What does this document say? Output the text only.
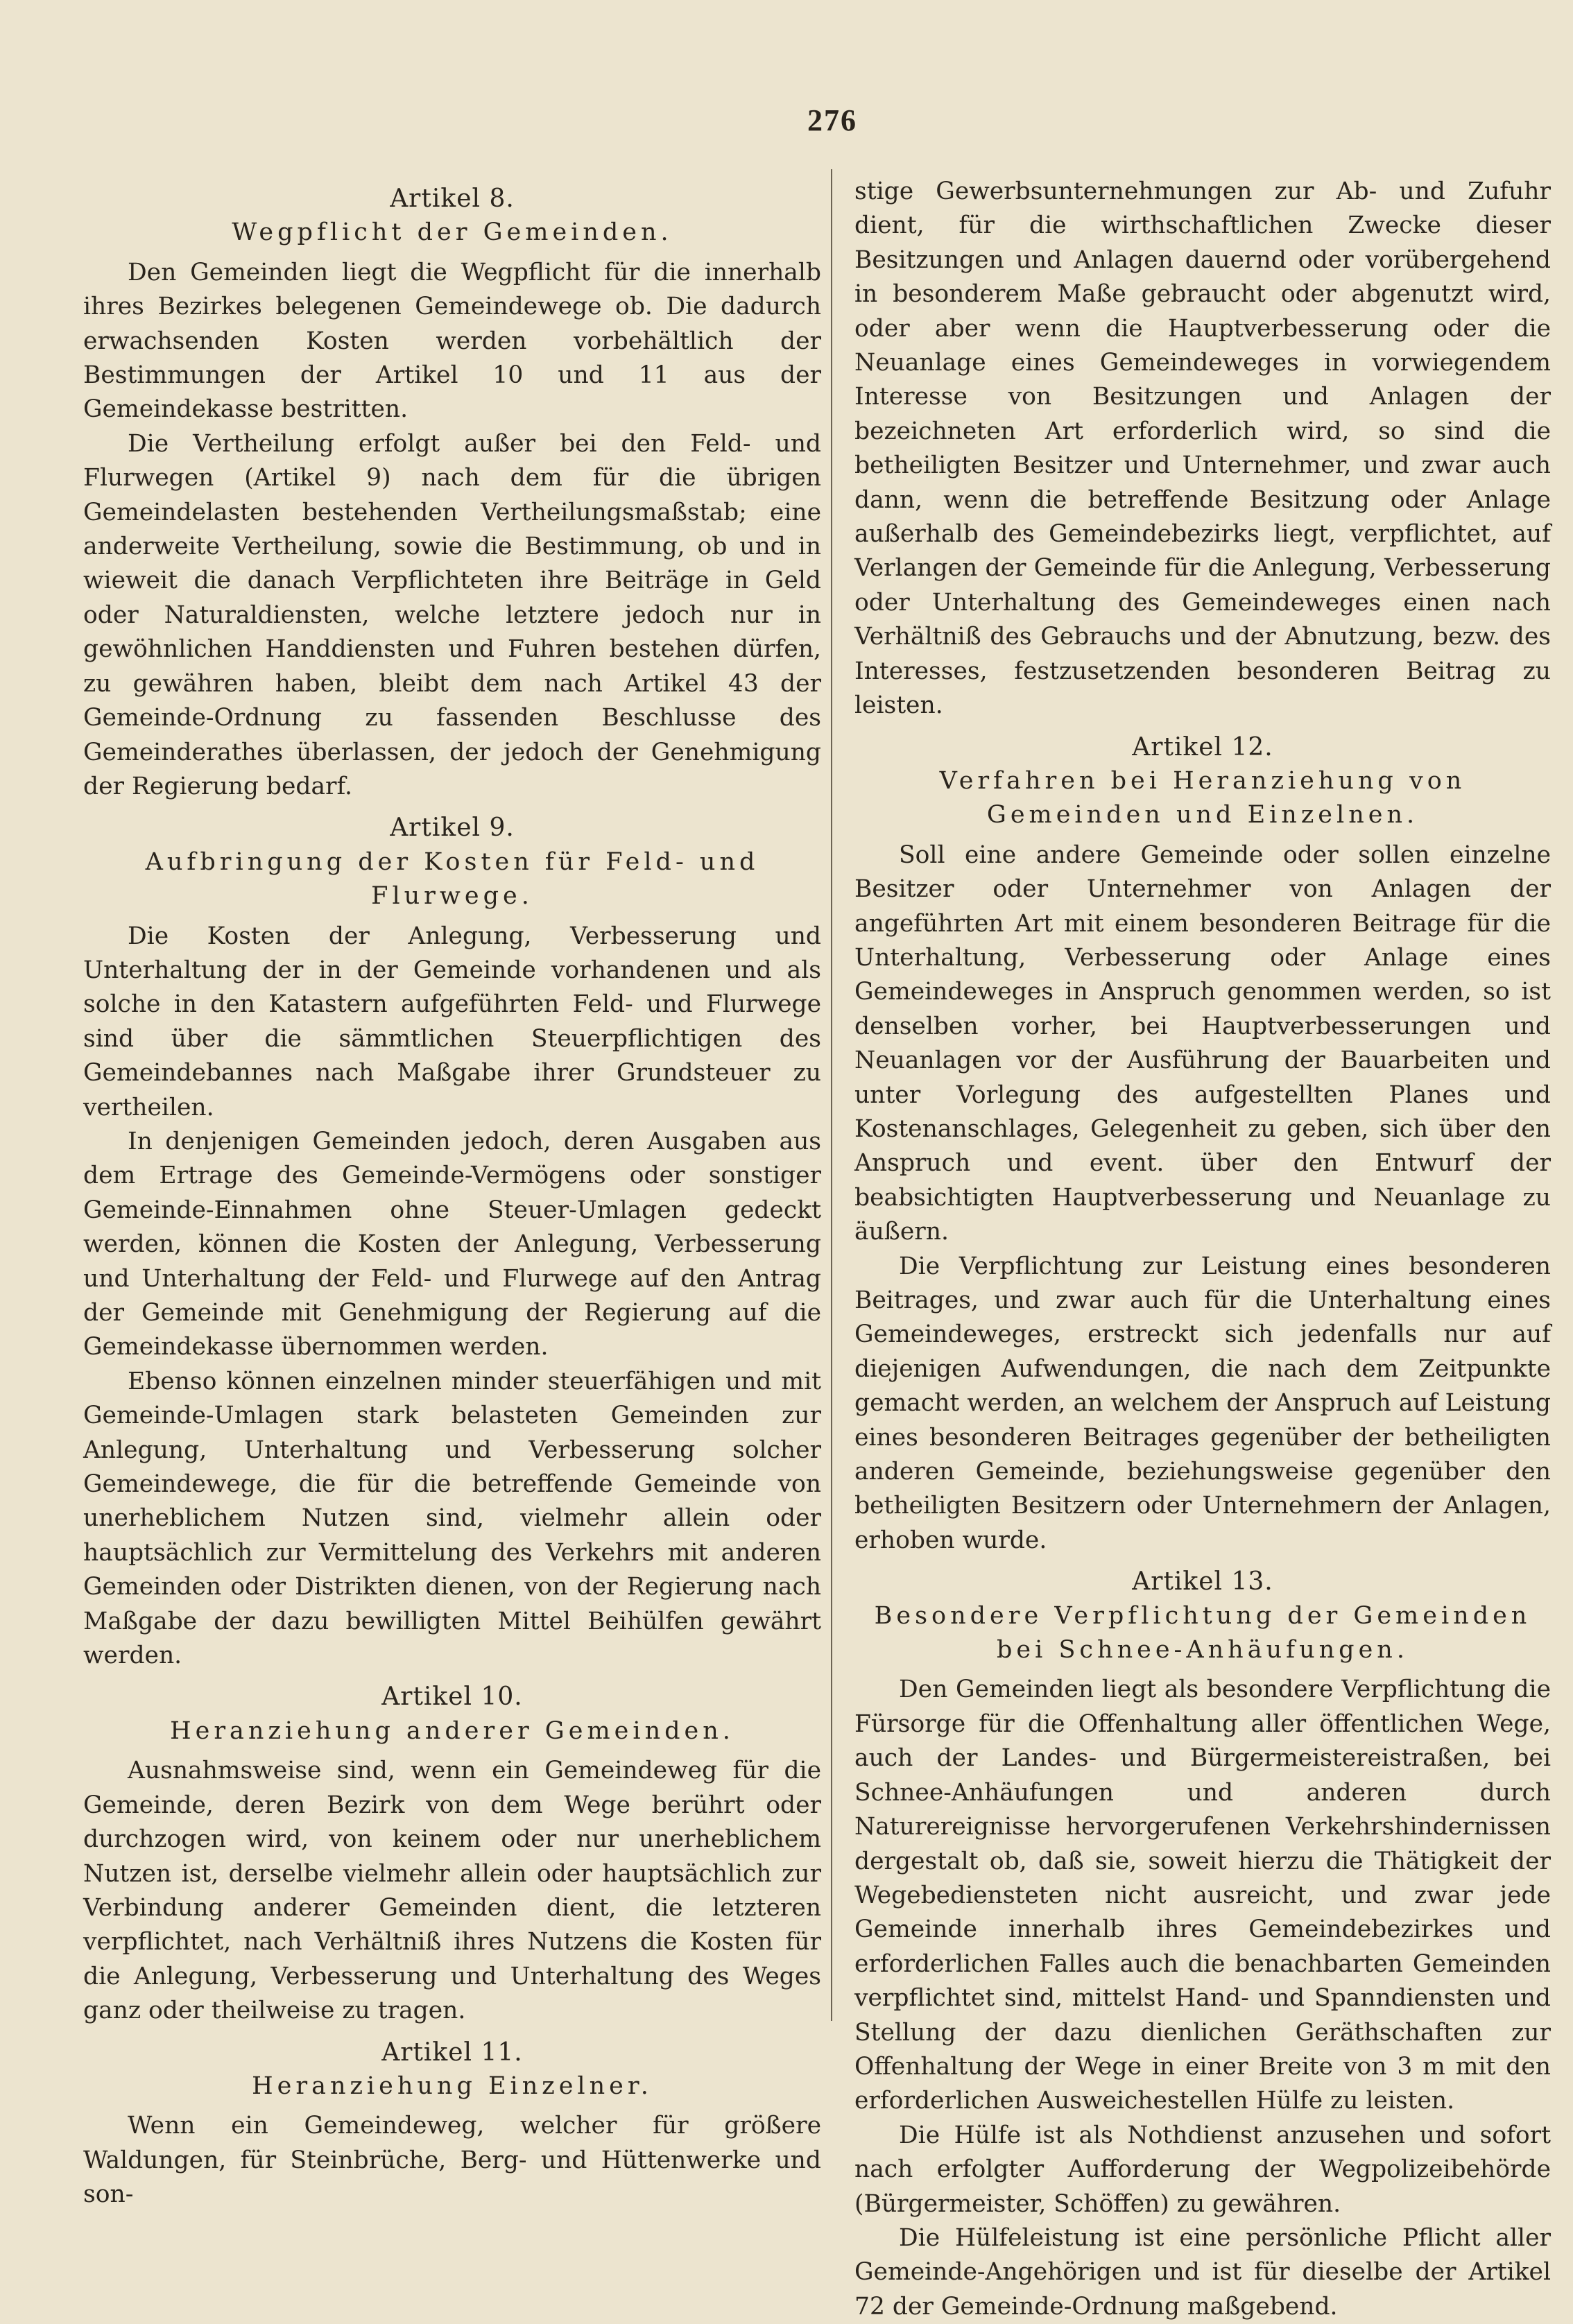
276
Artikel 8.
Wegpflicht der Gemeinden.

Den Gemeinden liegt die Wegpflicht für die innerhalb ihres Bezirkes belegenen Gemeindewege ob. Die dadurch erwachsenden Kosten werden vorbehältlich der Bestimmungen der Artikel 10 und 11 aus der Gemeindekasse bestritten.

Die Vertheilung erfolgt außer bei den Feld- und Flurwegen (Artikel 9) nach dem für die übrigen Gemeindelasten bestehenden Vertheilungsmaßstab; eine anderweite Vertheilung, sowie die Bestimmung, ob und in wieweit die danach Verpflichteten ihre Beiträge in Geld oder Naturaldiensten, welche letztere jedoch nur in gewöhnlichen Handdiensten und Fuhren bestehen dürfen, zu gewähren haben, bleibt dem nach Artikel 43 der Gemeinde-Ordnung zu fassenden Beschlusse des Gemeinderathes überlassen, der jedoch der Genehmigung der Regierung bedarf.

Artikel 9.
Aufbringung der Kosten für Feld- und Flurwege.

Die Kosten der Anlegung, Verbesserung und Unterhaltung der in der Gemeinde vorhandenen und als solche in den Katastern aufgeführten Feld- und Flurwege sind über die sämmtlichen Steuerpflichtigen des Gemeindebannes nach Maßgabe ihrer Grundsteuer zu vertheilen.

In denjenigen Gemeinden jedoch, deren Ausgaben aus dem Ertrage des Gemeinde-Vermögens oder sonstiger Gemeinde-Einnahmen ohne Steuer-Umlagen gedeckt werden, können die Kosten der Anlegung, Verbesserung und Unterhaltung der Feld- und Flurwege auf den Antrag der Gemeinde mit Genehmigung der Regierung auf die Gemeindekasse übernommen werden.

Ebenso können einzelnen minder steuerfähigen und mit Gemeinde-Umlagen stark belasteten Gemeinden zur Anlegung, Unterhaltung und Verbesserung solcher Gemeindewege, die für die betreffende Gemeinde von unerheblichem Nutzen sind, vielmehr allein oder hauptsächlich zur Vermittelung des Verkehrs mit anderen Gemeinden oder Distrikten dienen, von der Regierung nach Maßgabe der dazu bewilligten Mittel Beihülfen gewährt werden.

Artikel 10.
Heranziehung anderer Gemeinden.

Ausnahmsweise sind, wenn ein Gemeindeweg für die Gemeinde, deren Bezirk von dem Wege berührt oder durchzogen wird, von keinem oder nur unerheblichem Nutzen ist, derselbe vielmehr allein oder hauptsächlich zur Verbindung anderer Gemeinden dient, die letzteren verpflichtet, nach Verhältniß ihres Nutzens die Kosten für die Anlegung, Verbesserung und Unterhaltung des Weges ganz oder theilweise zu tragen.

Artikel 11.
Heranziehung Einzelner.

Wenn ein Gemeindeweg, welcher für größere Waldungen, für Steinbrüche, Berg- und Hüttenwerke und son-

stige Gewerbsunternehmungen zur Ab- und Zufuhr dient, für die wirthschaftlichen Zwecke dieser Besitzungen und Anlagen dauernd oder vorübergehend in besonderem Maße gebraucht oder abgenutzt wird, oder aber wenn die Hauptverbesserung oder die Neuanlage eines Gemeindeweges in vorwiegendem Interesse von Besitzungen und Anlagen der bezeichneten Art erforderlich wird, so sind die betheiligten Besitzer und Unternehmer, und zwar auch dann, wenn die betreffende Besitzung oder Anlage außerhalb des Gemeindebezirks liegt, verpflichtet, auf Verlangen der Gemeinde für die Anlegung, Verbesserung oder Unterhaltung des Gemeindeweges einen nach Verhältniß des Gebrauchs und der Abnutzung, bezw. des Interesses, festzusetzenden besonderen Beitrag zu leisten.

Artikel 12.
Verfahren bei Heranziehung von Gemeinden und Einzelnen.

Soll eine andere Gemeinde oder sollen einzelne Besitzer oder Unternehmer von Anlagen der angeführten Art mit einem besonderen Beitrage für die Unterhaltung, Verbesserung oder Anlage eines Gemeindeweges in Anspruch genommen werden, so ist denselben vorher, bei Hauptverbesserungen und Neuanlagen vor der Ausführung der Bauarbeiten und unter Vorlegung des aufgestellten Planes und Kostenanschlages, Gelegenheit zu geben, sich über den Anspruch und event. über den Entwurf der beabsichtigten Hauptverbesserung und Neuanlage zu äußern.

Die Verpflichtung zur Leistung eines besonderen Beitrages, und zwar auch für die Unterhaltung eines Gemeindeweges, erstreckt sich jedenfalls nur auf diejenigen Aufwendungen, die nach dem Zeitpunkte gemacht werden, an welchem der Anspruch auf Leistung eines besonderen Beitrages gegenüber der betheiligten anderen Gemeinde, beziehungsweise gegenüber den betheiligten Besitzern oder Unternehmern der Anlagen, erhoben wurde.

Artikel 13.
Besondere Verpflichtung der Gemeinden bei Schnee-Anhäufungen.

Den Gemeinden liegt als besondere Verpflichtung die Fürsorge für die Offenhaltung aller öffentlichen Wege, auch der Landes- und Bürgermeistereistraßen, bei Schnee-Anhäufungen und anderen durch Naturereignisse hervorgerufenen Verkehrshindernissen dergestalt ob, daß sie, soweit hierzu die Thätigkeit der Wegebediensteten nicht ausreicht, und zwar jede Gemeinde innerhalb ihres Gemeindebezirkes und erforderlichen Falles auch die benachbarten Gemeinden verpflichtet sind, mittelst Hand- und Spanndiensten und Stellung der dazu dienlichen Geräthschaften zur Offenhaltung der Wege in einer Breite von 3 m mit den erforderlichen Ausweichestellen Hülfe zu leisten.

Die Hülfe ist als Nothdienst anzusehen und sofort nach erfolgter Aufforderung der Wegpolizeibehörde (Bürgermeister, Schöffen) zu gewähren.

Die Hülfeleistung ist eine persönliche Pflicht aller Gemeinde-Angehörigen und ist für dieselbe der Artikel 72 der Gemeinde-Ordnung maßgebend.
